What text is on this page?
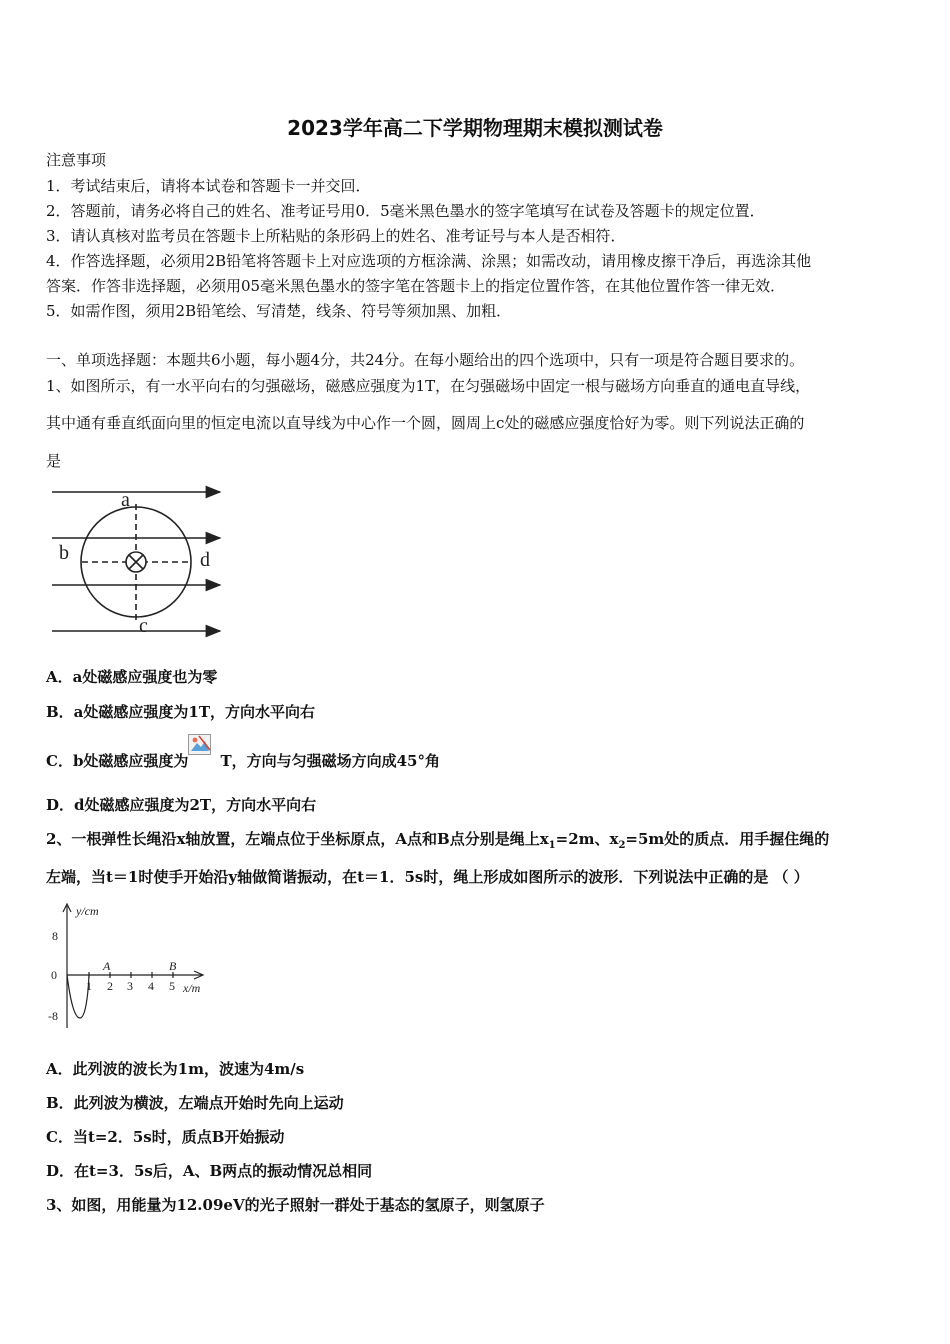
2023学年高二下学期物理期末模拟测试卷
注意事项
1．考试结束后，请将本试卷和答题卡一并交回．
2．答题前，请务必将自己的姓名、准考证号用0．5毫米黑色墨水的签字笔填写在试卷及答题卡的规定位置．
3．请认真核对监考员在答题卡上所粘贴的条形码上的姓名、准考证号与本人是否相符．
4．作答选择题，必须用2B铅笔将答题卡上对应选项的方框涂满、涂黑；如需改动，请用橡皮擦干净后，再选涂其他
答案．作答非选择题，必须用05毫米黑色墨水的签字笔在答题卡上的指定位置作答，在其他位置作答一律无效．
5．如需作图，须用2B铅笔绘、写清楚，线条、符号等须加黑、加粗．
一、单项选择题：本题共6小题，每小题4分，共24分。在每小题给出的四个选项中，只有一项是符合题目要求的。
1、如图所示，有一水平向右的匀强磁场，磁感应强度为1T，在匀强磁场中固定一根与磁场方向垂直的通电直导线，
其中通有垂直纸面向里的恒定电流以直导线为中心作一个圆，圆周上c处的磁感应强度恰好为零。则下列说法正确的
是
a
b	d
c
A．a处磁感应强度也为零
B．a处磁感应强度为1T，方向水平向右
C．b处磁感应强度为 T，方向与匀强磁场方向成45°角
D．d处磁感应强度为2T，方向水平向右
2、一根弹性长绳沿x轴放置，左端点位于坐标原点，A点和B点分别是绳上$x_1=2m$、$x_2=5m$处的质点．用手握住绳的
左端，当t＝1时使手开始沿y轴做简谐振动，在t＝1．5s时，绳上形成如图所示的波形．下列说法中正确的是 （ ）
y/cm
x/m
A	B
8
0
-8
1 2 3 4 5
A．此列波的波长为1m，波速为4m/s
B．此列波为横波，左端点开始时先向上运动
C．当t=2．5s时，质点B开始振动
D．在t=3．5s后，A、B两点的振动情况总相同
3、如图，用能量为12.09eV的光子照射一群处于基态的氢原子，则氢原子
